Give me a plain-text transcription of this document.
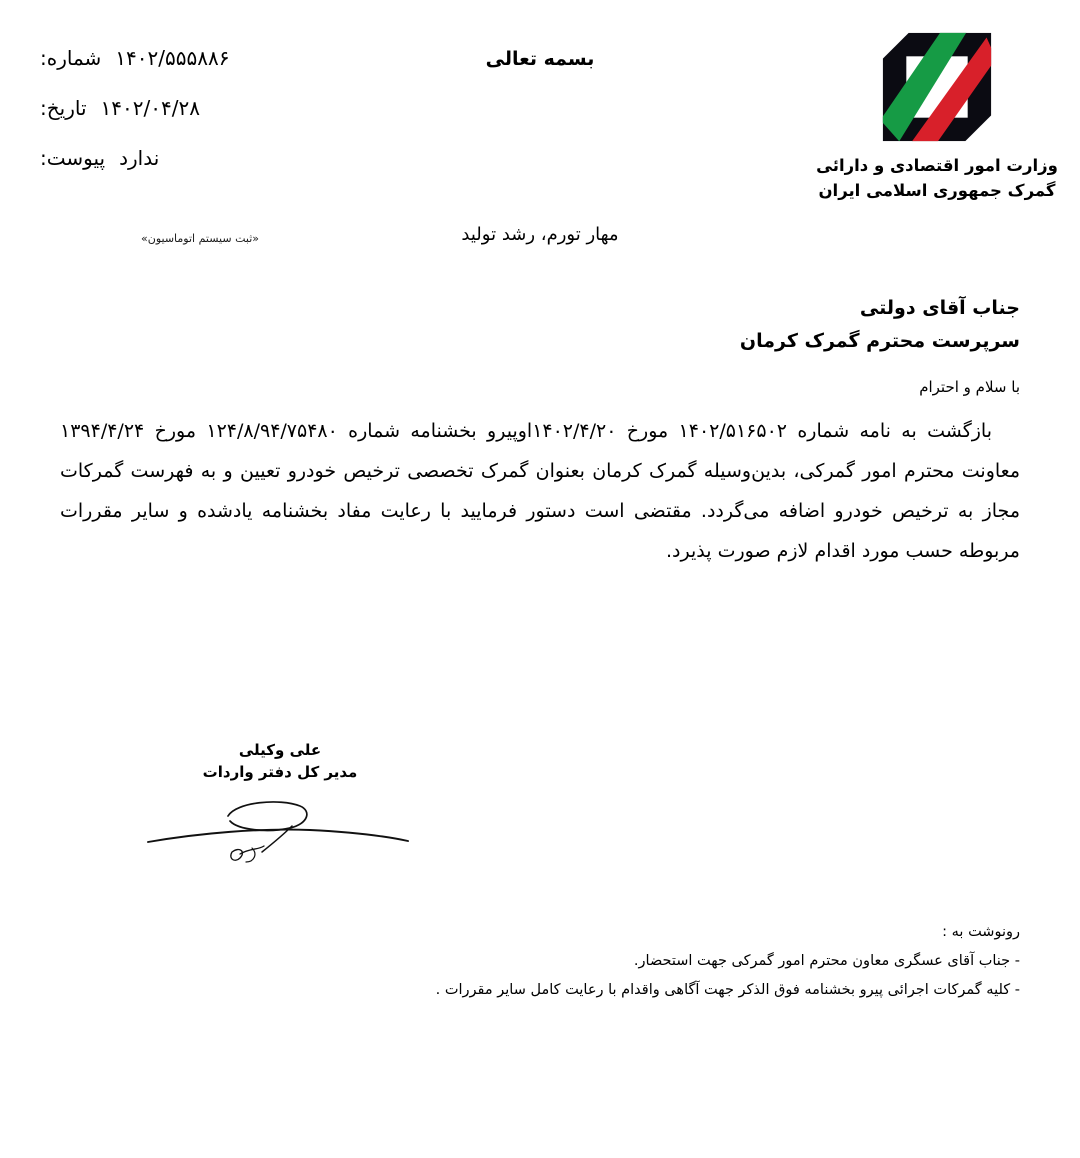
وزارت امور اقتصادی و دارائی
گمرک جمهوری اسلامی ایران
بسمه تعالی
مهار تورم، رشد تولید
۱۴۰۲/۵۵۵۸۸۶
شماره:
۱۴۰۲/۰۴/۲۸
تاریخ:
ندارد
پیوست:
«ثبت سیستم اتوماسیون»
جناب آقای دولتی
سرپرست محترم گمرک کرمان
با سلام و احترام
بازگشت به نامه شماره ۱۴۰۲/۵۱۶۵۰۲ مورخ ۱۴۰۲/۴/۲۰اوپیرو بخشنامه شماره ۱۲۴/۸/۹۴/۷۵۴۸۰ مورخ ۱۳۹۴/۴/۲۴ معاونت محترم امور گمرکی، بدین‌وسیله گمرک کرمان بعنوان گمرک تخصصی ترخیص خودرو تعیین و به فهرست گمرکات مجاز به ترخیص خودرو اضافه می‌گردد. مقتضی است دستور فرمایید با رعایت مفاد بخشنامه یادشده و سایر مقررات مربوطه حسب مورد اقدام لازم صورت پذیرد.
علی وکیلی
مدیر کل دفتر واردات
رونوشت به :
- جناب آقای عسگری معاون محترم امور گمرکی جهت استحضار.
- کلیه گمرکات اجرائی پیرو بخشنامه فوق الذکر جهت آگاهی واقدام با رعایت کامل سایر مقررات .
